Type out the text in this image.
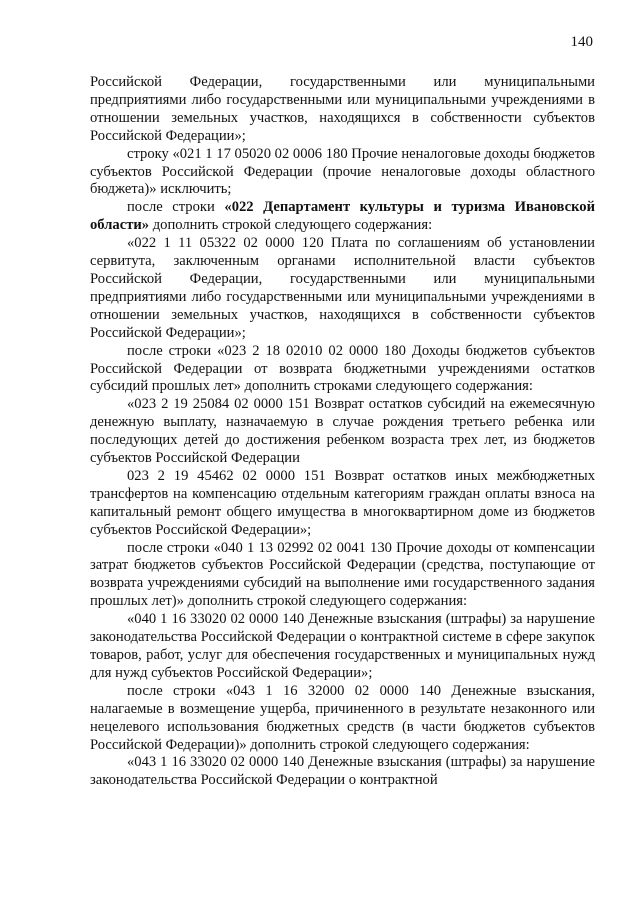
140

Российской Федерации, государственными или муниципальными предприятиями либо государственными или муниципальными учреждениями в отношении земельных участков, находящихся в собственности субъектов Российской Федерации»;

строку «021 1 17 05020 02 0006 180 Прочие неналоговые доходы бюджетов субъектов Российской Федерации (прочие неналоговые доходы областного бюджета)» исключить;

после строки «022 Департамент культуры и туризма Ивановской области» дополнить строкой следующего содержания:

«022 1 11 05322 02 0000 120 Плата по соглашениям об установлении сервитута, заключенным органами исполнительной власти субъектов Российской Федерации, государственными или муниципальными предприятиями либо государственными или муниципальными учреждениями в отношении земельных участков, находящихся в собственности субъектов Российской Федерации»;

после строки «023 2 18 02010 02 0000 180 Доходы бюджетов субъектов Российской Федерации от возврата бюджетными учреждениями остатков субсидий прошлых лет» дополнить строками следующего содержания:

«023 2 19 25084 02 0000 151 Возврат остатков субсидий на ежемесячную денежную выплату, назначаемую в случае рождения третьего ребенка или последующих детей до достижения ребенком возраста трех лет, из бюджетов субъектов Российской Федерации

023 2 19 45462 02 0000 151 Возврат остатков иных межбюджетных трансфертов на компенсацию отдельным категориям граждан оплаты взноса на капитальный ремонт общего имущества в многоквартирном доме из бюджетов субъектов Российской Федерации»;

после строки «040 1 13 02992 02 0041 130 Прочие доходы от компенсации затрат бюджетов субъектов Российской Федерации (средства, поступающие от возврата учреждениями субсидий на выполнение ими государственного задания прошлых лет)» дополнить строкой следующего содержания:

«040 1 16 33020 02 0000 140 Денежные взыскания (штрафы) за нарушение законодательства Российской Федерации о контрактной системе в сфере закупок товаров, работ, услуг для обеспечения государственных и муниципальных нужд для нужд субъектов Российской Федерации»;

после строки «043 1 16 32000 02 0000 140 Денежные взыскания, налагаемые в возмещение ущерба, причиненного в результате незаконного или нецелевого использования бюджетных средств (в части бюджетов субъектов Российской Федерации)» дополнить строкой следующего содержания:

«043 1 16 33020 02 0000 140 Денежные взыскания (штрафы) за нарушение законодательства Российской Федерации о контрактной
